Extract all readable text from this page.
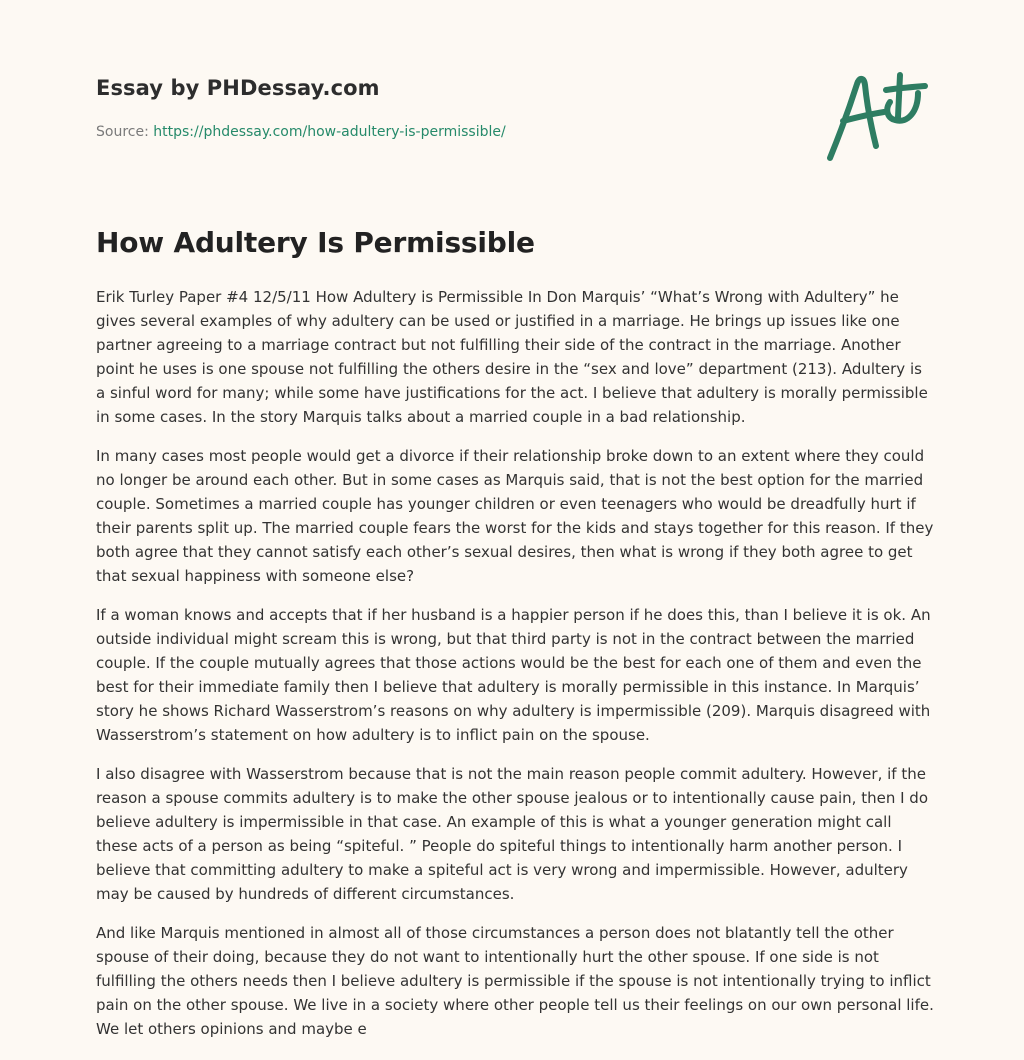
Essay by PHDessay.com
Source: https://phdessay.com/how-adultery-is-permissible/
How Adultery Is Permissible

Erik Turley Paper #4 12/5/11 How Adultery is Permissible In Don Marquis’ “What’s Wrong with Adultery” he gives several examples of why adultery can be used or justified in a marriage. He brings up issues like one partner agreeing to a marriage contract but not fulfilling their side of the contract in the marriage. Another point he uses is one spouse not fulfilling the others desire in the “sex and love” department (213). Adultery is a sinful word for many; while some have justifications for the act. I believe that adultery is morally permissible in some cases. In the story Marquis talks about a married couple in a bad relationship.

In many cases most people would get a divorce if their relationship broke down to an extent where they could no longer be around each other. But in some cases as Marquis said, that is not the best option for the married couple. Sometimes a married couple has younger children or even teenagers who would be dreadfully hurt if their parents split up. The married couple fears the worst for the kids and stays together for this reason. If they both agree that they cannot satisfy each other’s sexual desires, then what is wrong if they both agree to get that sexual happiness with someone else?

If a woman knows and accepts that if her husband is a happier person if he does this, than I believe it is ok. An outside individual might scream this is wrong, but that third party is not in the contract between the married couple. If the couple mutually agrees that those actions would be the best for each one of them and even the best for their immediate family then I believe that adultery is morally permissible in this instance. In Marquis’ story he shows Richard Wasserstrom’s reasons on why adultery is impermissible (209). Marquis disagreed with Wasserstrom’s statement on how adultery is to inflict pain on the spouse.

I also disagree with Wasserstrom because that is not the main reason people commit adultery. However, if the reason a spouse commits adultery is to make the other spouse jealous or to intentionally cause pain, then I do believe adultery is impermissible in that case. An example of this is what a younger generation might call these acts of a person as being “spiteful. ” People do spiteful things to intentionally harm another person. I believe that committing adultery to make a spiteful act is very wrong and impermissible. However, adultery may be caused by hundreds of different circumstances.

And like Marquis mentioned in almost all of those circumstances a person does not blatantly tell the other spouse of their doing, because they do not want to intentionally hurt the other spouse. If one side is not fulfilling the others needs then I believe adultery is permissible if the spouse is not intentionally trying to inflict pain on the other spouse. We live in a society where other people tell us their feelings on our own personal life. We let others opinions and maybe e
